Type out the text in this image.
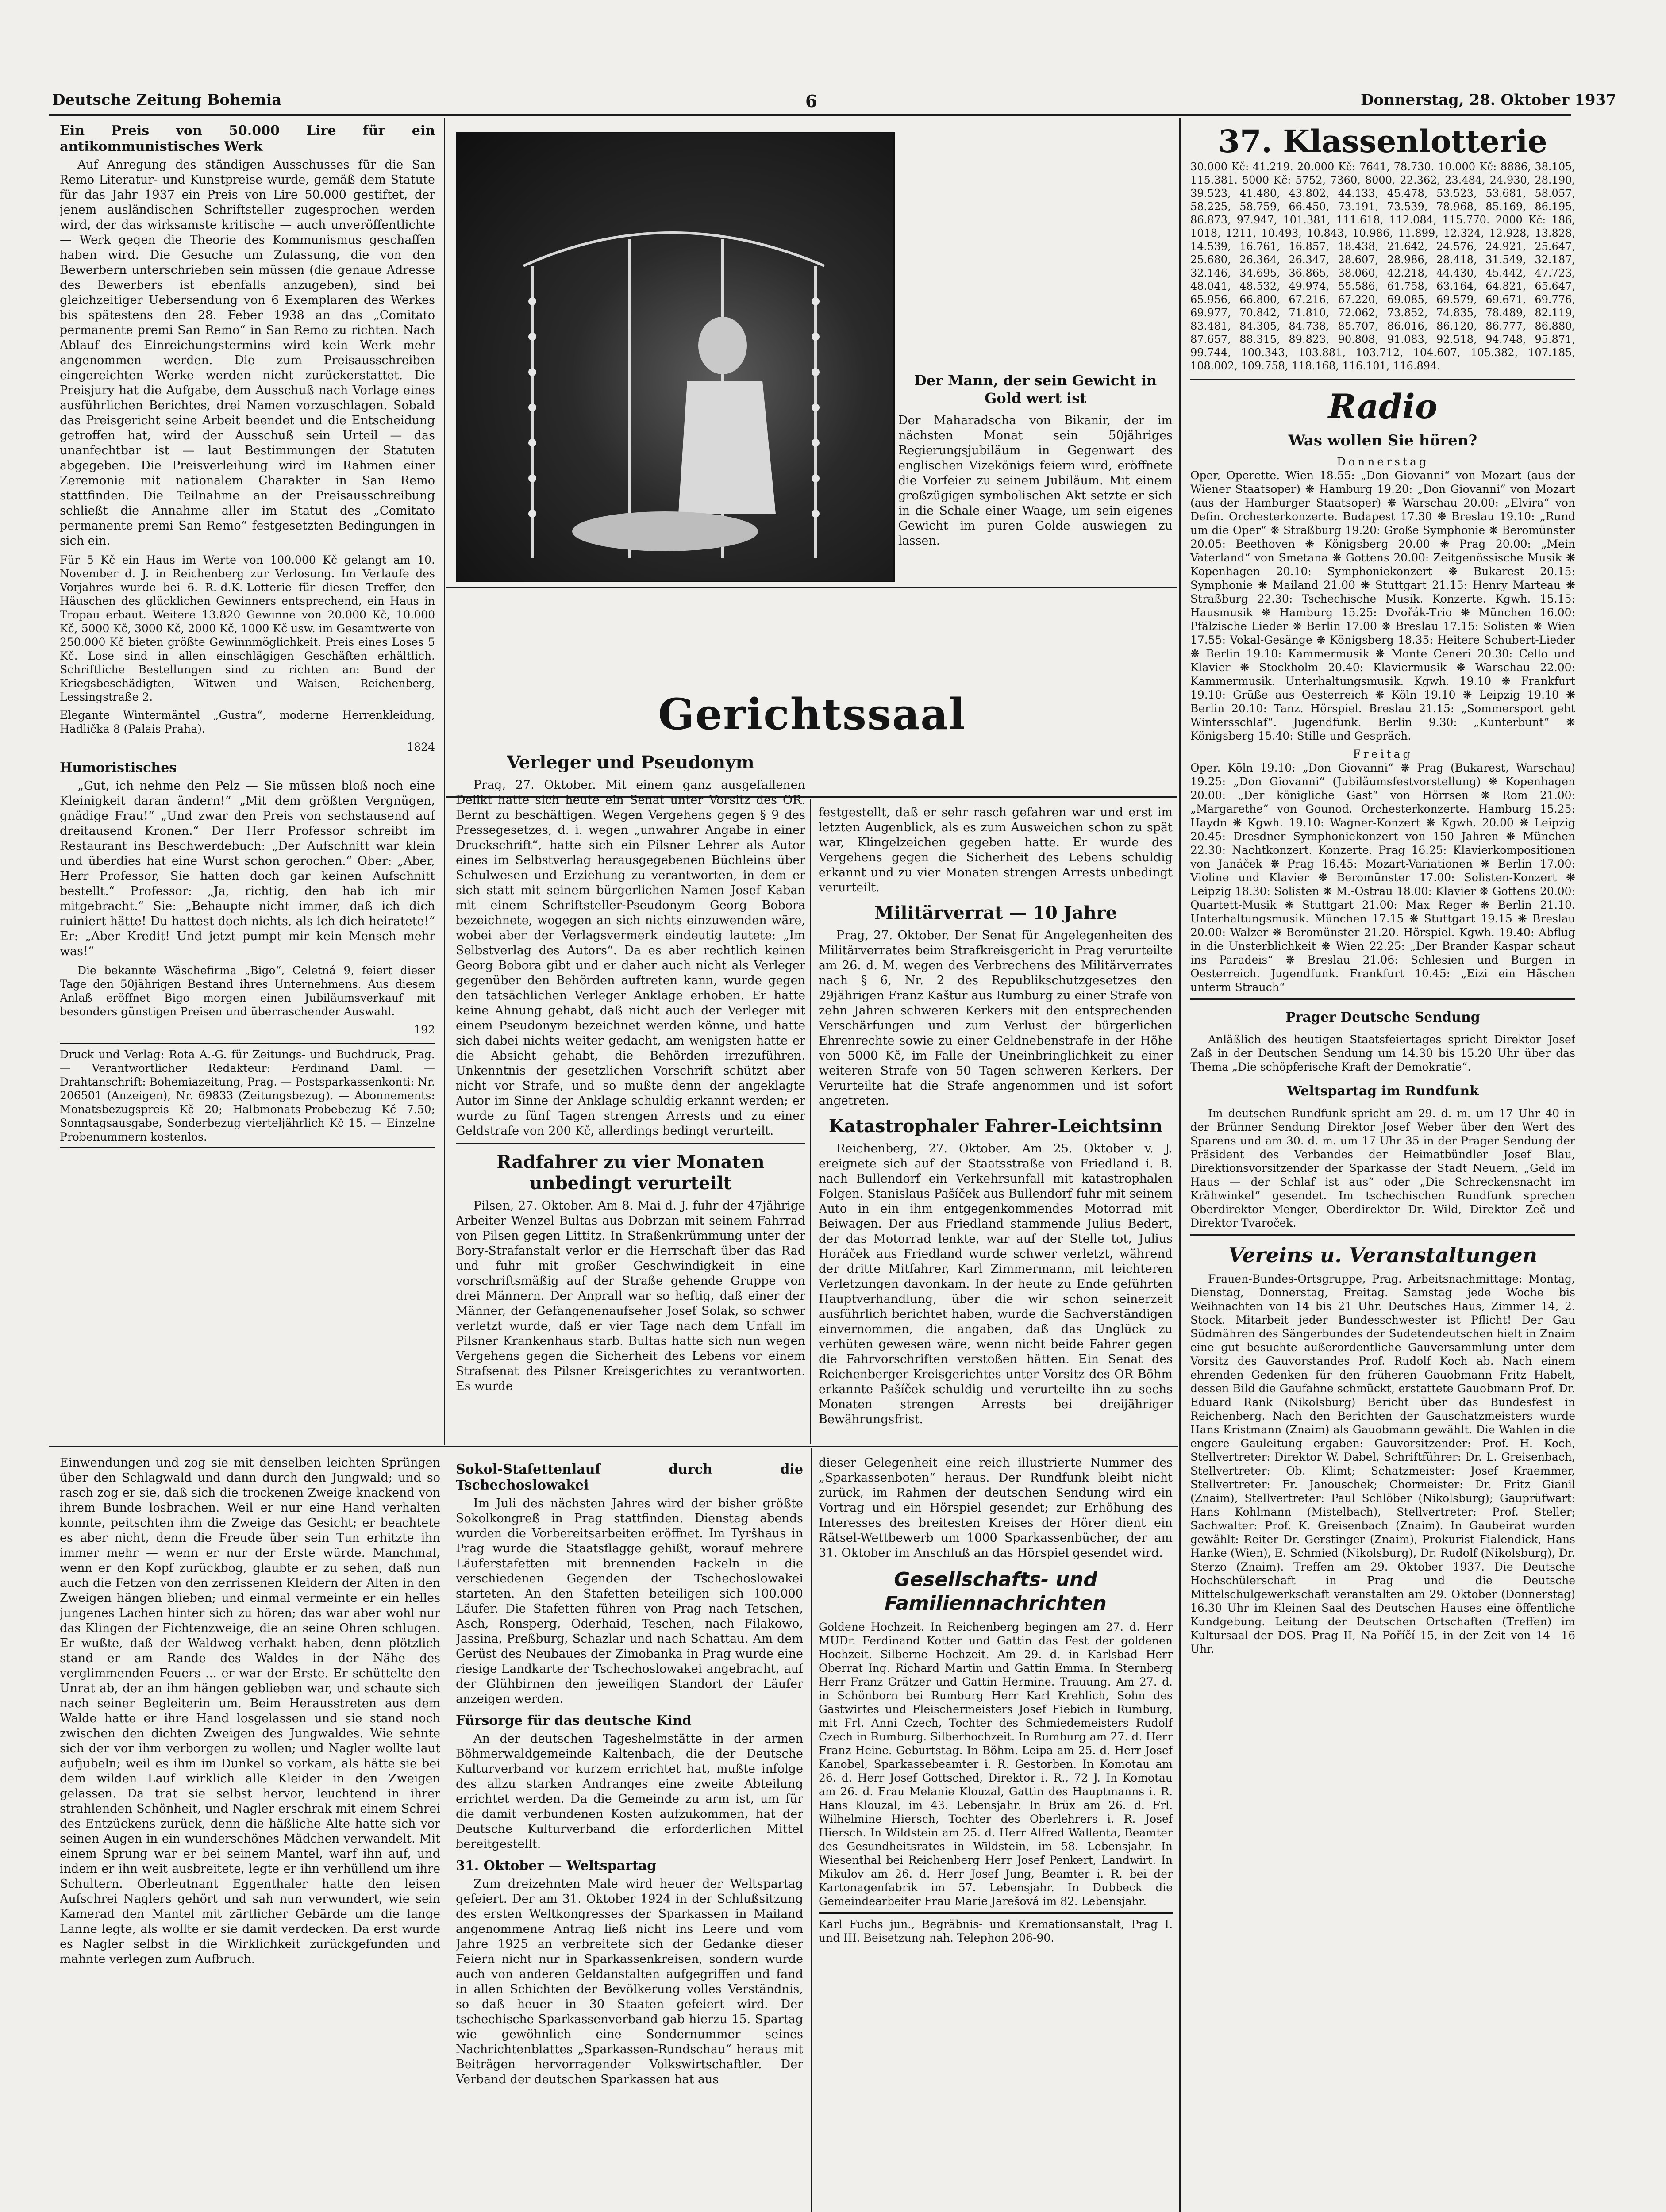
Deutsche Zeitung Bohemia	6	Donnerstag, 28. Oktober 1937
Ein Preis von 50.000 Lire für ein antikommunistisches Werk

Auf Anregung des ständigen Ausschusses für die San Remo Literatur- und Kunstpreise wurde, gemäß dem Statute für das Jahr 1937 ein Preis von Lire 50.000 gestiftet, der jenem ausländischen Schriftsteller zugesprochen werden wird, der das wirksamste kritische — auch unveröffentlichte — Werk gegen die Theorie des Kommunismus geschaffen haben wird. Die Gesuche um Zulassung, die von den Bewerbern unterschrieben sein müssen (die genaue Adresse des Bewerbers ist ebenfalls anzugeben), sind bei gleichzeitiger Uebersendung von 6 Exemplaren des Werkes bis spätestens den 28. Feber 1938 an das „Comitato permanente premi San Remo“ in San Remo zu richten. Nach Ablauf des Einreichungstermins wird kein Werk mehr angenommen werden. Die zum Preisausschreiben eingereichten Werke werden nicht zurückerstattet. Die Preisjury hat die Aufgabe, dem Ausschuß nach Vorlage eines ausführlichen Berichtes, drei Namen vorzuschlagen. Sobald das Preisgericht seine Arbeit beendet und die Entscheidung getroffen hat, wird der Ausschuß sein Urteil — das unanfechtbar ist — laut Bestimmungen der Statuten abgegeben. Die Preisverleihung wird im Rahmen einer Zeremonie mit nationalem Charakter in San Remo stattfinden. Die Teilnahme an der Preisausschreibung schließt die Annahme aller im Statut des „Comitato permanente premi San Remo“ festgesetzten Bedingungen in sich ein.

Für 5 Kč ein Haus im Werte von 100.000 Kč gelangt am 10. November d. J. in Reichenberg zur Verlosung. Im Verlaufe des Vorjahres wurde bei 6. R.-d.K.-Lotterie für diesen Treffer, den Häuschen des glücklichen Gewinners entsprechend, ein Haus in Tropau erbaut. Weitere 13.820 Gewinne von 20.000 Kč, 10.000 Kč, 5000 Kč, 3000 Kč, 2000 Kč, 1000 Kč usw. im Gesamtwerte von 250.000 Kč bieten größte Gewinnmöglichkeit. Preis eines Loses 5 Kč. Lose sind in allen einschlägigen Geschäften erhältlich. Schriftliche Bestellungen sind zu richten an: Bund der Kriegsbeschädigten, Witwen und Waisen, Reichenberg, Lessingstraße 2.

Elegante Wintermäntel „Gustra“, moderne Herrenkleidung, Hadlička 8 (Palais Praha).

1824
Humoristisches

„Gut, ich nehme den Pelz — Sie müssen bloß noch eine Kleinigkeit daran ändern!“ „Mit dem größten Vergnügen, gnädige Frau!“ „Und zwar den Preis von sechstausend auf dreitausend Kronen.“ Der Herr Professor schreibt im Restaurant ins Beschwerdebuch: „Der Aufschnitt war klein und überdies hat eine Wurst schon gerochen.“ Ober: „Aber, Herr Professor, Sie hatten doch gar keinen Aufschnitt bestellt.“ Professor: „Ja, richtig, den hab ich mir mitgebracht.“ Sie: „Behaupte nicht immer, daß ich dich ruiniert hätte! Du hattest doch nichts, als ich dich heiratete!“ Er: „Aber Kredit! Und jetzt pumpt mir kein Mensch mehr was!“

Die bekannte Wäschefirma „Bigo“, Celetná 9, feiert dieser Tage den 50jährigen Bestand ihres Unternehmens. Aus diesem Anlaß eröffnet Bigo morgen einen Jubiläumsverkauf mit besonders günstigen Preisen und überraschender Auswahl.

192

Druck und Verlag: Rota A.-G. für Zeitungs- und Buchdruck, Prag. — Verantwortlicher Redakteur: Ferdinand Daml. — Drahtanschrift: Bohemiazeitung, Prag. — Postsparkassenkonti: Nr. 206501 (Anzeigen), Nr. 69833 (Zeitungsbezug). — Abonnements: Monatsbezugspreis Kč 20; Halbmonats-Probebezug Kč 7.50; Sonntagsausgabe, Sonderbezug vierteljährlich Kč 15. — Einzelne Probenummern kostenlos.

Der Mann, der sein Gewicht in Gold wert ist
Der Maharadscha von Bikanir, der im nächsten Monat sein 50jähriges Regierungsjubiläum in Gegenwart des englischen Vizekönigs feiern wird, eröffnete die Vorfeier zu seinem Jubiläum. Mit einem großzügigen symbolischen Akt setzte er sich in die Schale einer Waage, um sein eigenes Gewicht im puren Golde auswiegen zu lassen.
Gerichtssaal
Verleger und Pseudonym

Prag, 27. Oktober. Mit einem ganz ausgefallenen Delikt hatte sich heute ein Senat unter Vorsitz des OR. Bernt zu beschäftigen. Wegen Vergehens gegen § 9 des Pressegesetzes, d. i. wegen „unwahrer Angabe in einer Druckschrift“, hatte sich ein Pilsner Lehrer als Autor eines im Selbstverlag herausgegebenen Büchleins über Schulwesen und Erziehung zu verantworten, in dem er sich statt mit seinem bürgerlichen Namen Josef Kaban mit einem Schriftsteller-Pseudonym Georg Bobora bezeichnete, wogegen an sich nichts einzuwenden wäre, wobei aber der Verlagsvermerk eindeutig lautete: „Im Selbstverlag des Autors“. Da es aber rechtlich keinen Georg Bobora gibt und er daher auch nicht als Verleger gegenüber den Behörden auftreten kann, wurde gegen den tatsächlichen Verleger Anklage erhoben. Er hatte keine Ahnung gehabt, daß nicht auch der Verleger mit einem Pseudonym bezeichnet werden könne, und hatte sich dabei nichts weiter gedacht, am wenigsten hatte er die Absicht gehabt, die Behörden irrezuführen. Unkenntnis der gesetzlichen Vorschrift schützt aber nicht vor Strafe, und so mußte denn der angeklagte Autor im Sinne der Anklage schuldig erkannt werden; er wurde zu fünf Tagen strengen Arrests und zu einer Geldstrafe von 200 Kč, allerdings bedingt verurteilt.

Radfahrer zu vier Monaten unbedingt verurteilt

Pilsen, 27. Oktober. Am 8. Mai d. J. fuhr der 47jährige Arbeiter Wenzel Bultas aus Dobrzan mit seinem Fahrrad von Pilsen gegen Littitz. In Straßenkrümmung unter der Bory-Strafanstalt verlor er die Herrschaft über das Rad und fuhr mit großer Geschwindigkeit in eine vorschriftsmäßig auf der Straße gehende Gruppe von drei Männern. Der Anprall war so heftig, daß einer der Männer, der Gefangenenaufseher Josef Solak, so schwer verletzt wurde, daß er vier Tage nach dem Unfall im Pilsner Krankenhaus starb. Bultas hatte sich nun wegen Vergehens gegen die Sicherheit des Lebens vor einem Strafsenat des Pilsner Kreisgerichtes zu verantworten. Es wurde

festgestellt, daß er sehr rasch gefahren war und erst im letzten Augenblick, als es zum Ausweichen schon zu spät war, Klingelzeichen gegeben hatte. Er wurde des Vergehens gegen die Sicherheit des Lebens schuldig erkannt und zu vier Monaten strengen Arrests unbedingt verurteilt.

Militärverrat — 10 Jahre

Prag, 27. Oktober. Der Senat für Angelegenheiten des Militärverrates beim Strafkreisgericht in Prag verurteilte am 26. d. M. wegen des Verbrechens des Militärverrates nach § 6, Nr. 2 des Republikschutzgesetzes den 29jährigen Franz Kaštur aus Rumburg zu einer Strafe von zehn Jahren schweren Kerkers mit den entsprechenden Verschärfungen und zum Verlust der bürgerlichen Ehrenrechte sowie zu einer Geldnebenstrafe in der Höhe von 5000 Kč, im Falle der Uneinbringlichkeit zu einer weiteren Strafe von 50 Tagen schweren Kerkers. Der Verurteilte hat die Strafe angenommen und ist sofort angetreten.

Katastrophaler Fahrer-Leichtsinn

Reichenberg, 27. Oktober. Am 25. Oktober v. J. ereignete sich auf der Staatsstraße von Friedland i. B. nach Bullendorf ein Verkehrsunfall mit katastrophalen Folgen. Stanislaus Pašíček aus Bullendorf fuhr mit seinem Auto in ein ihm entgegenkommendes Motorrad mit Beiwagen. Der aus Friedland stammende Julius Bedert, der das Motorrad lenkte, war auf der Stelle tot, Julius Horáček aus Friedland wurde schwer verletzt, während der dritte Mitfahrer, Karl Zimmermann, mit leichteren Verletzungen davonkam. In der heute zu Ende geführten Hauptverhandlung, über die wir schon seinerzeit ausführlich berichtet haben, wurde die Sachverständigen einvernommen, die angaben, daß das Unglück zu verhüten gewesen wäre, wenn nicht beide Fahrer gegen die Fahrvorschriften verstoßen hätten. Ein Senat des Reichenberger Kreisgerichtes unter Vorsitz des OR Böhm erkannte Pašíček schuldig und verurteilte ihn zu sechs Monaten strengen Arrests bei dreijähriger Bewährungsfrist.

37. Klassenlotterie
30.000 Kč: 41.219. 20.000 Kč: 7641, 78.730. 10.000 Kč: 8886, 38.105, 115.381. 5000 Kč: 5752, 7360, 8000, 22.362, 23.484, 24.930, 28.190, 39.523, 41.480, 43.802, 44.133, 45.478, 53.523, 53.681, 58.057, 58.225, 58.759, 66.450, 73.191, 73.539, 78.968, 85.169, 86.195, 86.873, 97.947, 101.381, 111.618, 112.084, 115.770. 2000 Kč: 186, 1018, 1211, 10.493, 10.843, 10.986, 11.899, 12.324, 12.928, 13.828, 14.539, 16.761, 16.857, 18.438, 21.642, 24.576, 24.921, 25.647, 25.680, 26.364, 26.347, 28.607, 28.986, 28.418, 31.549, 32.187, 32.146, 34.695, 36.865, 38.060, 42.218, 44.430, 45.442, 47.723, 48.041, 48.532, 49.974, 55.586, 61.758, 63.164, 64.821, 65.647, 65.956, 66.800, 67.216, 67.220, 69.085, 69.579, 69.671, 69.776, 69.977, 70.842, 71.810, 72.062, 73.852, 74.835, 78.489, 82.119, 83.481, 84.305, 84.738, 85.707, 86.016, 86.120, 86.777, 86.880, 87.657, 88.315, 89.823, 90.808, 91.083, 92.518, 94.748, 95.871, 99.744, 100.343, 103.881, 103.712, 104.607, 105.382, 107.185, 108.002, 109.758, 118.168, 116.101, 116.894.
Radio
Was wollen Sie hören?
Donnerstag

Oper, Operette. Wien 18.55: „Don Giovanni“ von Mozart (aus der Wiener Staatsoper) ❋ Hamburg 19.20: „Don Giovanni“ von Mozart (aus der Hamburger Staatsoper) ❋ Warschau 20.00: „Elvira“ von Defin. Orchesterkonzerte. Budapest 17.30 ❋ Breslau 19.10: „Rund um die Oper“ ❋ Straßburg 19.20: Große Symphonie ❋ Beromünster 20.05: Beethoven ❋ Königsberg 20.00 ❋ Prag 20.00: „Mein Vaterland“ von Smetana ❋ Gottens 20.00: Zeitgenössische Musik ❋ Kopenhagen 20.10: Symphoniekonzert ❋ Bukarest 20.15: Symphonie ❋ Mailand 21.00 ❋ Stuttgart 21.15: Henry Marteau ❋ Straßburg 22.30: Tschechische Musik. Konzerte. Kgwh. 15.15: Hausmusik ❋ Hamburg 15.25: Dvořák-Trio ❋ München 16.00: Pfälzische Lieder ❋ Berlin 17.00 ❋ Breslau 17.15: Solisten ❋ Wien 17.55: Vokal-Gesänge ❋ Königsberg 18.35: Heitere Schubert-Lieder ❋ Berlin 19.10: Kammermusik ❋ Monte Ceneri 20.30: Cello und Klavier ❋ Stockholm 20.40: Klaviermusik ❋ Warschau 22.00: Kammermusik. Unterhaltungsmusik. Kgwh. 19.10 ❋ Frankfurt 19.10: Grüße aus Oesterreich ❋ Köln 19.10 ❋ Leipzig 19.10 ❋ Berlin 20.10: Tanz. Hörspiel. Breslau 21.15: „Sommersport geht Wintersschlaf“. Jugendfunk. Berlin 9.30: „Kunterbunt“ ❋ Königsberg 15.40: Stille und Gespräch.

Freitag

Oper. Köln 19.10: „Don Giovanni“ ❋ Prag (Bukarest, Warschau) 19.25: „Don Giovanni“ (Jubiläumsfestvorstellung) ❋ Kopenhagen 20.00: „Der königliche Gast“ von Hörrsen ❋ Rom 21.00: „Margarethe“ von Gounod. Orchesterkonzerte. Hamburg 15.25: Haydn ❋ Kgwh. 19.10: Wagner-Konzert ❋ Kgwh. 20.00 ❋ Leipzig 20.45: Dresdner Symphoniekonzert von 150 Jahren ❋ München 22.30: Nachtkonzert. Konzerte. Prag 16.25: Klavierkompositionen von Janáček ❋ Prag 16.45: Mozart-Variationen ❋ Berlin 17.00: Violine und Klavier ❋ Beromünster 17.00: Solisten-Konzert ❋ Leipzig 18.30: Solisten ❋ M.-Ostrau 18.00: Klavier ❋ Gottens 20.00: Quartett-Musik ❋ Stuttgart 21.00: Max Reger ❋ Berlin 21.10. Unterhaltungsmusik. München 17.15 ❋ Stuttgart 19.15 ❋ Breslau 20.00: Walzer ❋ Beromünster 21.20. Hörspiel. Kgwh. 19.40: Abflug in die Unsterblichkeit ❋ Wien 22.25: „Der Brander Kaspar schaut ins Paradeis“ ❋ Breslau 21.06: Schlesien und Burgen in Oesterreich. Jugendfunk. Frankfurt 10.45: „Eizi ein Häschen unterm Strauch“

Prager Deutsche Sendung

Anläßlich des heutigen Staatsfeiertages spricht Direktor Josef Zaß in der Deutschen Sendung um 14.30 bis 15.20 Uhr über das Thema „Die schöpferische Kraft der Demokratie“.

Weltspartag im Rundfunk

Im deutschen Rundfunk spricht am 29. d. m. um 17 Uhr 40 in der Brünner Sendung Direktor Josef Weber über den Wert des Sparens und am 30. d. m. um 17 Uhr 35 in der Prager Sendung der Präsident des Verbandes der Heimatbündler Josef Blau, Direktionsvorsitzender der Sparkasse der Stadt Neuern, „Geld im Haus — der Schlaf ist aus“ oder „Die Schreckensnacht im Krähwinkel“ gesendet. Im tschechischen Rundfunk sprechen Oberdirektor Menger, Oberdirektor Dr. Wild, Direktor Zeč und Direktor Tvaroček.

Vereins u. Veranstaltungen

Frauen-Bundes-Ortsgruppe, Prag. Arbeitsnachmittage: Montag, Dienstag, Donnerstag, Freitag. Samstag jede Woche bis Weihnachten von 14 bis 21 Uhr. Deutsches Haus, Zimmer 14, 2. Stock. Mitarbeit jeder Bundesschwester ist Pflicht! Der Gau Südmähren des Sängerbundes der Sudetendeutschen hielt in Znaim eine gut besuchte außerordentliche Gauversammlung unter dem Vorsitz des Gauvorstandes Prof. Rudolf Koch ab. Nach einem ehrenden Gedenken für den früheren Gauobmann Fritz Habelt, dessen Bild die Gaufahne schmückt, erstattete Gauobmann Prof. Dr. Eduard Rank (Nikolsburg) Bericht über das Bundesfest in Reichenberg. Nach den Berichten der Gauschatzmeisters wurde Hans Kristmann (Znaim) als Gauobmann gewählt. Die Wahlen in die engere Gauleitung ergaben: Gauvorsitzender: Prof. H. Koch, Stellvertreter: Direktor W. Dabel, Schriftführer: Dr. L. Greisenbach, Stellvertreter: Ob. Klimt; Schatzmeister: Josef Kraemmer, Stellvertreter: Fr. Janouschek; Chormeister: Dr. Fritz Gianil (Znaim), Stellvertreter: Paul Schlöber (Nikolsburg); Gauprüfwart: Hans Kohlmann (Mistelbach), Stellvertreter: Prof. Steller; Sachwalter: Prof. K. Greisenbach (Znaim). In Gaubeirat wurden gewählt: Reiter Dr. Gerstinger (Znaim), Prokurist Fialendick, Hans Hanke (Wien), E. Schmied (Nikolsburg), Dr. Rudolf (Nikolsburg), Dr. Sterzo (Znaim). Treffen am 29. Oktober 1937. Die Deutsche Hochschülerschaft in Prag und die Deutsche Mittelschulgewerkschaft veranstalten am 29. Oktober (Donnerstag) 16.30 Uhr im Kleinen Saal des Deutschen Hauses eine öffentliche Kundgebung. Leitung der Deutschen Ortschaften (Treffen) im Kultursaal der DOS. Prag II, Na Poříčí 15, in der Zeit von 14—16 Uhr.

Einwendungen und zog sie mit denselben leichten Sprüngen über den Schlagwald und dann durch den Jungwald; und so rasch zog er sie, daß sich die trockenen Zweige knackend von ihrem Bunde losbrachen. Weil er nur eine Hand verhalten konnte, peitschten ihm die Zweige das Gesicht; er beachtete es aber nicht, denn die Freude über sein Tun erhitzte ihn immer mehr — wenn er nur der Erste würde. Manchmal, wenn er den Kopf zurückbog, glaubte er zu sehen, daß nun auch die Fetzen von den zerrissenen Kleidern der Alten in den Zweigen hängen blieben; und einmal vermeinte er ein helles jungenes Lachen hinter sich zu hören; das war aber wohl nur das Klingen der Fichtenzweige, die an seine Ohren schlugen. Er wußte, daß der Waldweg verhakt haben, denn plötzlich stand er am Rande des Waldes in der Nähe des verglimmenden Feuers ... er war der Erste. Er schüttelte den Unrat ab, der an ihm hängen geblieben war, und schaute sich nach seiner Begleiterin um. Beim Herausstreten aus dem Walde hatte er ihre Hand losgelassen und sie stand noch zwischen den dichten Zweigen des Jungwaldes. Wie sehnte sich der vor ihm verborgen zu wollen; und Nagler wollte laut aufjubeln; weil es ihm im Dunkel so vorkam, als hätte sie bei dem wilden Lauf wirklich alle Kleider in den Zweigen gelassen. Da trat sie selbst hervor, leuchtend in ihrer strahlenden Schönheit, und Nagler erschrak mit einem Schrei des Entzückens zurück, denn die häßliche Alte hatte sich vor seinen Augen in ein wunderschönes Mädchen verwandelt. Mit einem Sprung war er bei seinem Mantel, warf ihn auf, und indem er ihn weit ausbreitete, legte er ihn verhüllend um ihre Schultern. Oberleutnant Eggenthaler hatte den leisen Aufschrei Naglers gehört und sah nun verwundert, wie sein Kamerad den Mantel mit zärtlicher Gebärde um die lange Lanne legte, als wollte er sie damit verdecken. Da erst wurde es Nagler selbst in die Wirklichkeit zurückgefunden und mahnte verlegen zum Aufbruch.

Sokol-Stafettenlauf durch die Tschechoslowakei

Im Juli des nächsten Jahres wird der bisher größte Sokolkongreß in Prag stattfinden. Dienstag abends wurden die Vorbereitsarbeiten eröffnet. Im Tyršhaus in Prag wurde die Staatsflagge gehißt, worauf mehrere Läuferstafetten mit brennenden Fackeln in die verschiedenen Gegenden der Tschechoslowakei starteten. An den Stafetten beteiligen sich 100.000 Läufer. Die Stafetten führen von Prag nach Tetschen, Asch, Ronsperg, Oderhaid, Teschen, nach Filakowo, Jassina, Preßburg, Schazlar und nach Schattau. Am dem Gerüst des Neubaues der Zimobanka in Prag wurde eine riesige Landkarte der Tschechoslowakei angebracht, auf der Glühbirnen den jeweiligen Standort der Läufer anzeigen werden.

Fürsorge für das deutsche Kind

An der deutschen Tageshelmstätte in der armen Böhmerwaldgemeinde Kaltenbach, die der Deutsche Kulturverband vor kurzem errichtet hat, mußte infolge des allzu starken Andranges eine zweite Abteilung errichtet werden. Da die Gemeinde zu arm ist, um für die damit verbundenen Kosten aufzukommen, hat der Deutsche Kulturverband die erforderlichen Mittel bereitgestellt.

31. Oktober — Weltspartag

Zum dreizehnten Male wird heuer der Weltspartag gefeiert. Der am 31. Oktober 1924 in der Schlußsitzung des ersten Weltkongresses der Sparkassen in Mailand angenommene Antrag ließ nicht ins Leere und vom Jahre 1925 an verbreitete sich der Gedanke dieser Feiern nicht nur in Sparkassenkreisen, sondern wurde auch von anderen Geldanstalten aufgegriffen und fand in allen Schichten der Bevölkerung volles Verständnis, so daß heuer in 30 Staaten gefeiert wird. Der tschechische Sparkassenverband gab hierzu 15. Spartag wie gewöhnlich eine Sondernummer seines Nachrichtenblattes „Sparkassen-Rundschau“ heraus mit Beiträgen hervorragender Volkswirtschaftler. Der Verband der deutschen Sparkassen hat aus

dieser Gelegenheit eine reich illustrierte Nummer des „Sparkassenboten“ heraus. Der Rundfunk bleibt nicht zurück, im Rahmen der deutschen Sendung wird ein Vortrag und ein Hörspiel gesendet; zur Erhöhung des Interesses des breitesten Kreises der Hörer dient ein Rätsel-Wettbewerb um 1000 Sparkassenbücher, der am 31. Oktober im Anschluß an das Hörspiel gesendet wird.

Gesellschafts- und Familiennachrichten

Goldene Hochzeit. In Reichenberg begingen am 27. d. Herr MUDr. Ferdinand Kotter und Gattin das Fest der goldenen Hochzeit. Silberne Hochzeit. Am 29. d. in Karlsbad Herr Oberrat Ing. Richard Martin und Gattin Emma. In Sternberg Herr Franz Grätzer und Gattin Hermine. Trauung. Am 27. d. in Schönborn bei Rumburg Herr Karl Krehlich, Sohn des Gastwirtes und Fleischermeisters Josef Fiebich in Rumburg, mit Frl. Anni Czech, Tochter des Schmiedemeisters Rudolf Czech in Rumburg. Silberhochzeit. In Rumburg am 27. d. Herr Franz Heine. Geburtstag. In Böhm.-Leipa am 25. d. Herr Josef Kanobel, Sparkassebeamter i. R. Gestorben. In Komotau am 26. d. Herr Josef Gottsched, Direktor i. R., 72 J. In Komotau am 26. d. Frau Melanie Klouzal, Gattin des Hauptmanns i. R. Hans Klouzal, im 43. Lebensjahr. In Brüx am 26. d. Frl. Wilhelmine Hiersch, Tochter des Oberlehrers i. R. Josef Hiersch. In Wildstein am 25. d. Herr Alfred Wallenta, Beamter des Gesundheitsrates in Wildstein, im 58. Lebensjahr. In Wiesenthal bei Reichenberg Herr Josef Penkert, Landwirt. In Mikulov am 26. d. Herr Josef Jung, Beamter i. R. bei der Kartonagenfabrik im 57. Lebensjahr. In Dubbeck die Gemeindearbeiter Frau Marie Jarešová im 82. Lebensjahr.

Karl Fuchs jun., Begräbnis- und Kremationsanstalt, Prag I. und III. Beisetzung nah. Telephon 206-90.
